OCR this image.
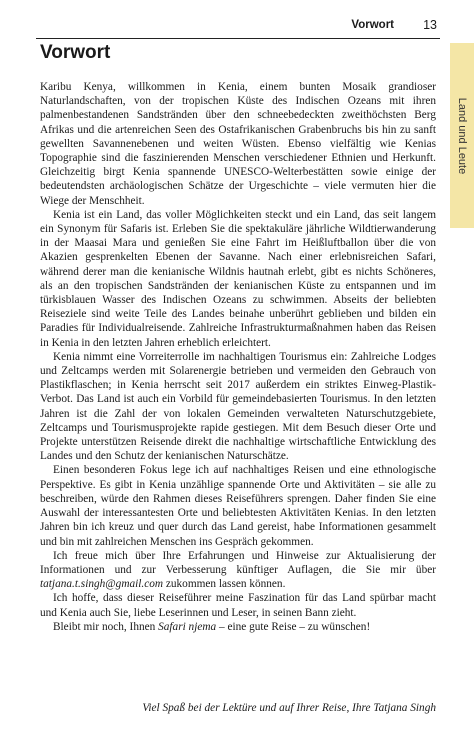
Vorwort 13
Land und Leute
Vorwort

Karibu Kenya, willkommen in Kenia, einem bunten Mosaik grandioser Naturlandschaften, von der tropischen Küste des Indischen Ozeans mit ihren palmenbestandenen Sandstränden über den schneebedeckten zweithöchsten Berg Afrikas und die artenreichen Seen des Ostafrikanischen Grabenbruchs bis hin zu sanft gewellten Savannenebenen und weiten Wüsten. Ebenso vielfältig wie Kenias Topographie sind die faszinierenden Menschen verschiedener Ethnien und Herkunft. Gleichzeitig birgt Kenia spannende UNESCO-Welterbestätten sowie einige der bedeutendsten archäologischen Schätze der Urgeschichte – viele vermuten hier die Wiege der Menschheit.

Kenia ist ein Land, das voller Möglichkeiten steckt und ein Land, das seit langem ein Synonym für Safaris ist. Erleben Sie die spektakuläre jährliche Wildtierwanderung in der Maasai Mara und genießen Sie eine Fahrt im Heißluftballon über die von Akazien gesprenkelten Ebenen der Savanne. Nach einer erlebnisreichen Safari, während derer man die kenianische Wildnis hautnah erlebt, gibt es nichts Schöneres, als an den tropischen Sandstränden der kenianischen Küste zu entspannen und im türkisblauen Wasser des Indischen Ozeans zu schwimmen. Abseits der beliebten Reiseziele sind weite Teile des Landes beinahe unberührt geblieben und bilden ein Paradies für Individualreisende. Zahlreiche Infrastrukturmaßnahmen haben das Reisen in Kenia in den letzten Jahren erheblich erleichtert.

Kenia nimmt eine Vorreiterrolle im nachhaltigen Tourismus ein: Zahlreiche Lodges und Zeltcamps werden mit Solarenergie betrieben und vermeiden den Gebrauch von Plastikflaschen; in Kenia herrscht seit 2017 außerdem ein striktes Einweg-Plastik-Verbot. Das Land ist auch ein Vorbild für gemeindebasierten Tourismus. In den letzten Jahren ist die Zahl der von lokalen Gemeinden verwalteten Naturschutzgebiete, Zeltcamps und Tourismusprojekte rapide gestiegen. Mit dem Besuch dieser Orte und Projekte unterstützen Reisende direkt die nachhaltige wirtschaftliche Entwicklung des Landes und den Schutz der kenianischen Naturschätze.

Einen besonderen Fokus lege ich auf nachhaltiges Reisen und eine ethnologische Perspektive. Es gibt in Kenia unzählige spannende Orte und Aktivitäten – sie alle zu beschreiben, würde den Rahmen dieses Reiseführers sprengen. Daher finden Sie eine Auswahl der interessantesten Orte und beliebtesten Aktivitäten Kenias. In den letzten Jahren bin ich kreuz und quer durch das Land gereist, habe Informationen gesammelt und bin mit zahlreichen Menschen ins Gespräch gekommen.

Ich freue mich über Ihre Erfahrungen und Hinweise zur Aktualisierung der Informationen und zur Verbesserung künftiger Auflagen, die Sie mir über tatjana.t.singh@gmail.com zukommen lassen können.

Ich hoffe, dass dieser Reiseführer meine Faszination für das Land spürbar macht und Kenia auch Sie, liebe Leserinnen und Leser, in seinen Bann zieht.

Bleibt mir noch, Ihnen Safari njema – eine gute Reise – zu wünschen!

Viel Spaß bei der Lektüre und auf Ihrer Reise, Ihre Tatjana Singh
